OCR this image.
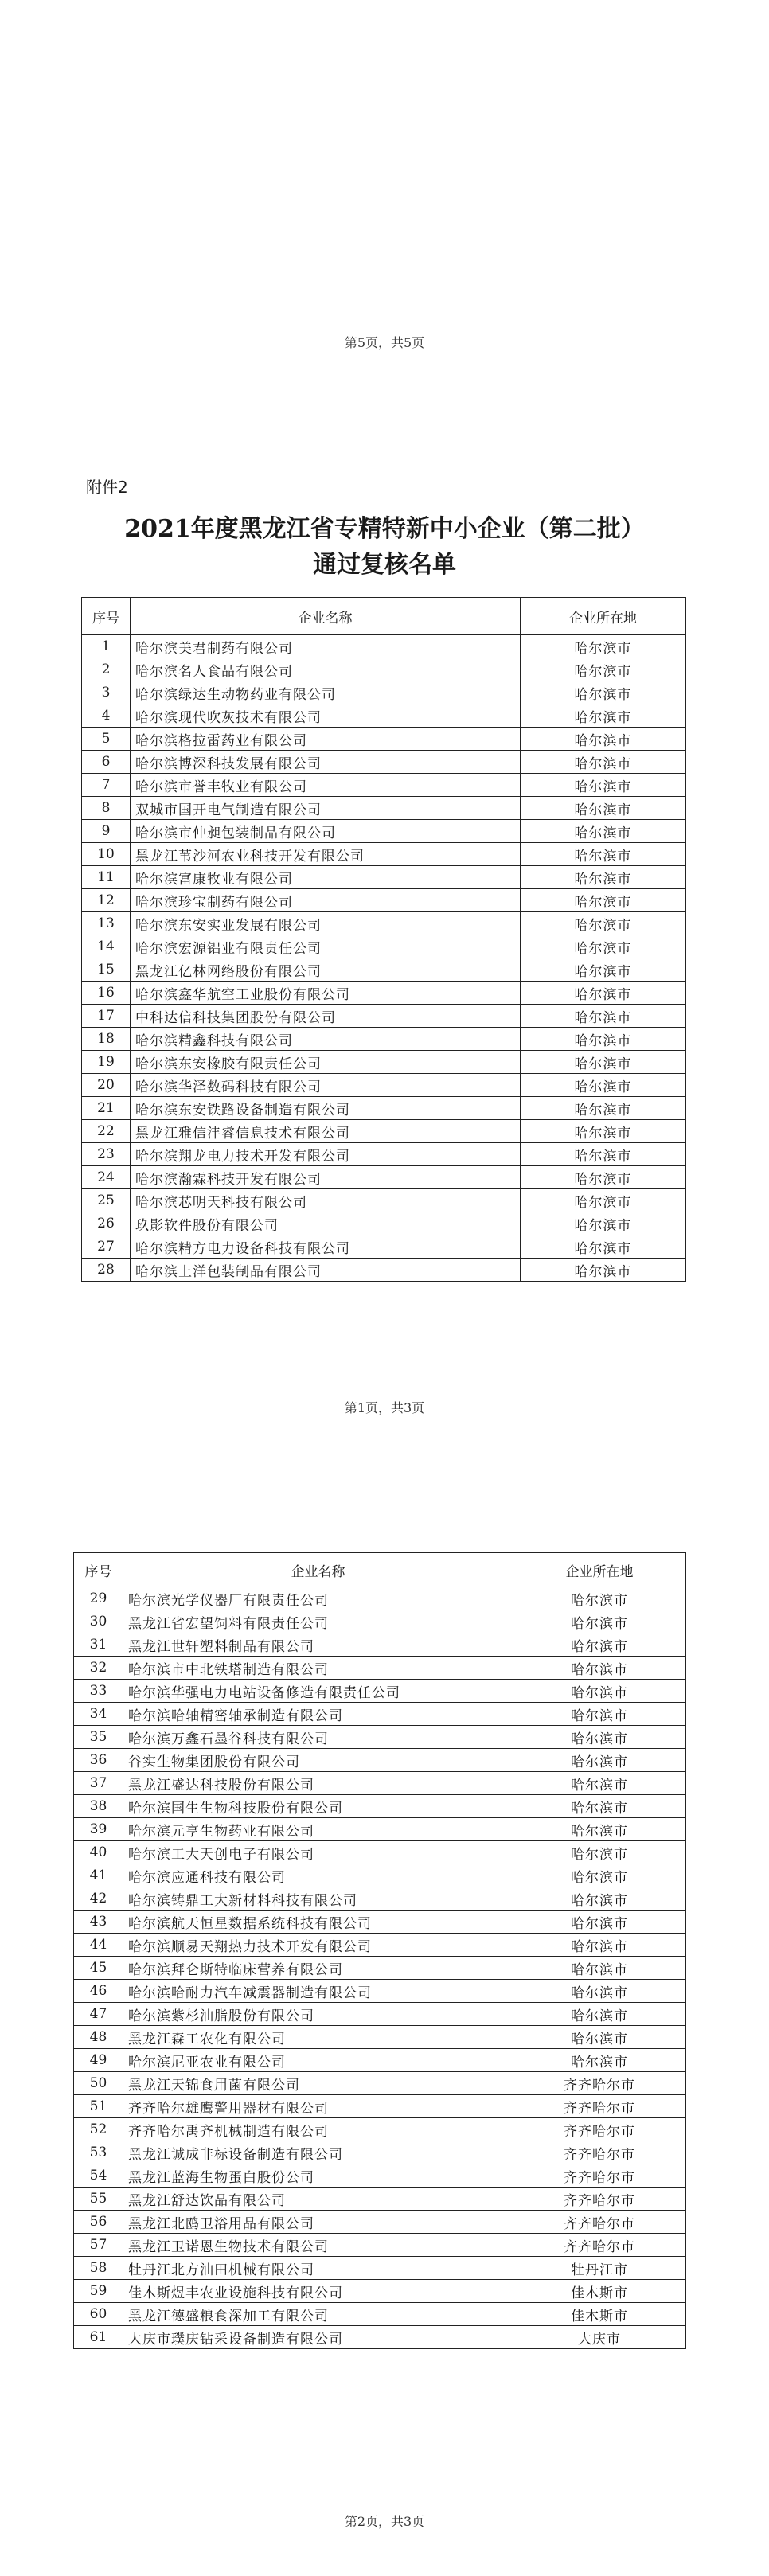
第5页，共5页
附件2
2021年度黑龙江省专精特新中小企业（第二批）
通过复核名单
序号	企业名称	企业所在地
1	哈尔滨美君制药有限公司	哈尔滨市
2	哈尔滨名人食品有限公司	哈尔滨市
3	哈尔滨绿达生动物药业有限公司	哈尔滨市
4	哈尔滨现代吹灰技术有限公司	哈尔滨市
5	哈尔滨格拉雷药业有限公司	哈尔滨市
6	哈尔滨博深科技发展有限公司	哈尔滨市
7	哈尔滨市誉丰牧业有限公司	哈尔滨市
8	双城市国开电气制造有限公司	哈尔滨市
9	哈尔滨市仲昶包装制品有限公司	哈尔滨市
10	黑龙江苇沙河农业科技开发有限公司	哈尔滨市
11	哈尔滨富康牧业有限公司	哈尔滨市
12	哈尔滨珍宝制药有限公司	哈尔滨市
13	哈尔滨东安实业发展有限公司	哈尔滨市
14	哈尔滨宏源铝业有限责任公司	哈尔滨市
15	黑龙江亿林网络股份有限公司	哈尔滨市
16	哈尔滨鑫华航空工业股份有限公司	哈尔滨市
17	中科达信科技集团股份有限公司	哈尔滨市
18	哈尔滨精鑫科技有限公司	哈尔滨市
19	哈尔滨东安橡胶有限责任公司	哈尔滨市
20	哈尔滨华泽数码科技有限公司	哈尔滨市
21	哈尔滨东安铁路设备制造有限公司	哈尔滨市
22	黑龙江雅信沣睿信息技术有限公司	哈尔滨市
23	哈尔滨翔龙电力技术开发有限公司	哈尔滨市
24	哈尔滨瀚霖科技开发有限公司	哈尔滨市
25	哈尔滨芯明天科技有限公司	哈尔滨市
26	玖影软件股份有限公司	哈尔滨市
27	哈尔滨精方电力设备科技有限公司	哈尔滨市
28	哈尔滨上洋包装制品有限公司	哈尔滨市
第1页，共3页
序号	企业名称	企业所在地
29	哈尔滨光学仪器厂有限责任公司	哈尔滨市
30	黑龙江省宏望饲料有限责任公司	哈尔滨市
31	黑龙江世轩塑料制品有限公司	哈尔滨市
32	哈尔滨市中北铁塔制造有限公司	哈尔滨市
33	哈尔滨华强电力电站设备修造有限责任公司	哈尔滨市
34	哈尔滨哈轴精密轴承制造有限公司	哈尔滨市
35	哈尔滨万鑫石墨谷科技有限公司	哈尔滨市
36	谷实生物集团股份有限公司	哈尔滨市
37	黑龙江盛达科技股份有限公司	哈尔滨市
38	哈尔滨国生生物科技股份有限公司	哈尔滨市
39	哈尔滨元亨生物药业有限公司	哈尔滨市
40	哈尔滨工大天创电子有限公司	哈尔滨市
41	哈尔滨应通科技有限公司	哈尔滨市
42	哈尔滨铸鼎工大新材料科技有限公司	哈尔滨市
43	哈尔滨航天恒星数据系统科技有限公司	哈尔滨市
44	哈尔滨顺易天翔热力技术开发有限公司	哈尔滨市
45	哈尔滨拜仑斯特临床营养有限公司	哈尔滨市
46	哈尔滨哈耐力汽车减震器制造有限公司	哈尔滨市
47	哈尔滨紫杉油脂股份有限公司	哈尔滨市
48	黑龙江森工农化有限公司	哈尔滨市
49	哈尔滨尼亚农业有限公司	哈尔滨市
50	黑龙江天锦食用菌有限公司	齐齐哈尔市
51	齐齐哈尔雄鹰警用器材有限公司	齐齐哈尔市
52	齐齐哈尔禹齐机械制造有限公司	齐齐哈尔市
53	黑龙江诚成非标设备制造有限公司	齐齐哈尔市
54	黑龙江蓝海生物蛋白股份公司	齐齐哈尔市
55	黑龙江舒达饮品有限公司	齐齐哈尔市
56	黑龙江北鸥卫浴用品有限公司	齐齐哈尔市
57	黑龙江卫诺恩生物技术有限公司	齐齐哈尔市
58	牡丹江北方油田机械有限公司	牡丹江市
59	佳木斯煜丰农业设施科技有限公司	佳木斯市
60	黑龙江德盛粮食深加工有限公司	佳木斯市
61	大庆市璞庆钻采设备制造有限公司	大庆市
第2页，共3页
